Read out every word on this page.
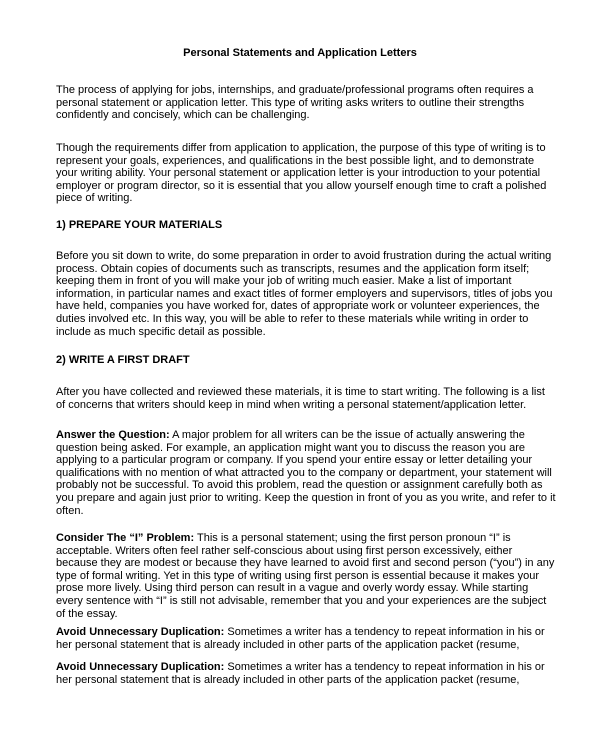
Personal Statements and Application Letters

The process of applying for jobs, internships, and graduate/professional programs often requires a personal statement or application letter. This type of writing asks writers to outline their strengths confidently and concisely, which can be challenging.

Though the requirements differ from application to application, the purpose of this type of writing is to represent your goals, experiences, and qualifications in the best possible light, and to demonstrate your writing ability. Your personal statement or application letter is your introduction to your potential employer or program director, so it is essential that you allow yourself enough time to craft a polished piece of writing.

1) PREPARE YOUR MATERIALS

Before you sit down to write, do some preparation in order to avoid frustration during the actual writing process. Obtain copies of documents such as transcripts, resumes and the application form itself; keeping them in front of you will make your job of writing much easier. Make a list of important information, in particular names and exact titles of former employers and supervisors, titles of jobs you have held, companies you have worked for, dates of appropriate work or volunteer experiences, the duties involved etc. In this way, you will be able to refer to these materials while writing in order to include as much specific detail as possible.

2) WRITE A FIRST DRAFT

After you have collected and reviewed these materials, it is time to start writing. The following is a list of concerns that writers should keep in mind when writing a personal statement/application letter.

Answer the Question: A major problem for all writers can be the issue of actually answering the question being asked. For example, an application might want you to discuss the reason you are applying to a particular program or company. If you spend your entire essay or letter detailing your qualifications with no mention of what attracted you to the company or department, your statement will probably not be successful. To avoid this problem, read the question or assignment carefully both as you prepare and again just prior to writing. Keep the question in front of you as you write, and refer to it often.

Consider The “I” Problem: This is a personal statement; using the first person pronoun “I” is acceptable. Writers often feel rather self-conscious about using first person excessively, either because they are modest or because they have learned to avoid first and second person (“you”) in any type of formal writing. Yet in this type of writing using first person is essential because it makes your prose more lively. Using third person can result in a vague and overly wordy essay. While starting every sentence with “I” is still not advisable, remember that you and your experiences are the subject of the essay.

Avoid Unnecessary Duplication: Sometimes a writer has a tendency to repeat information in his or her personal statement that is already included in other parts of the application packet (resume,

Avoid Unnecessary Duplication: Sometimes a writer has a tendency to repeat information in his or her personal statement that is already included in other parts of the application packet (resume,
